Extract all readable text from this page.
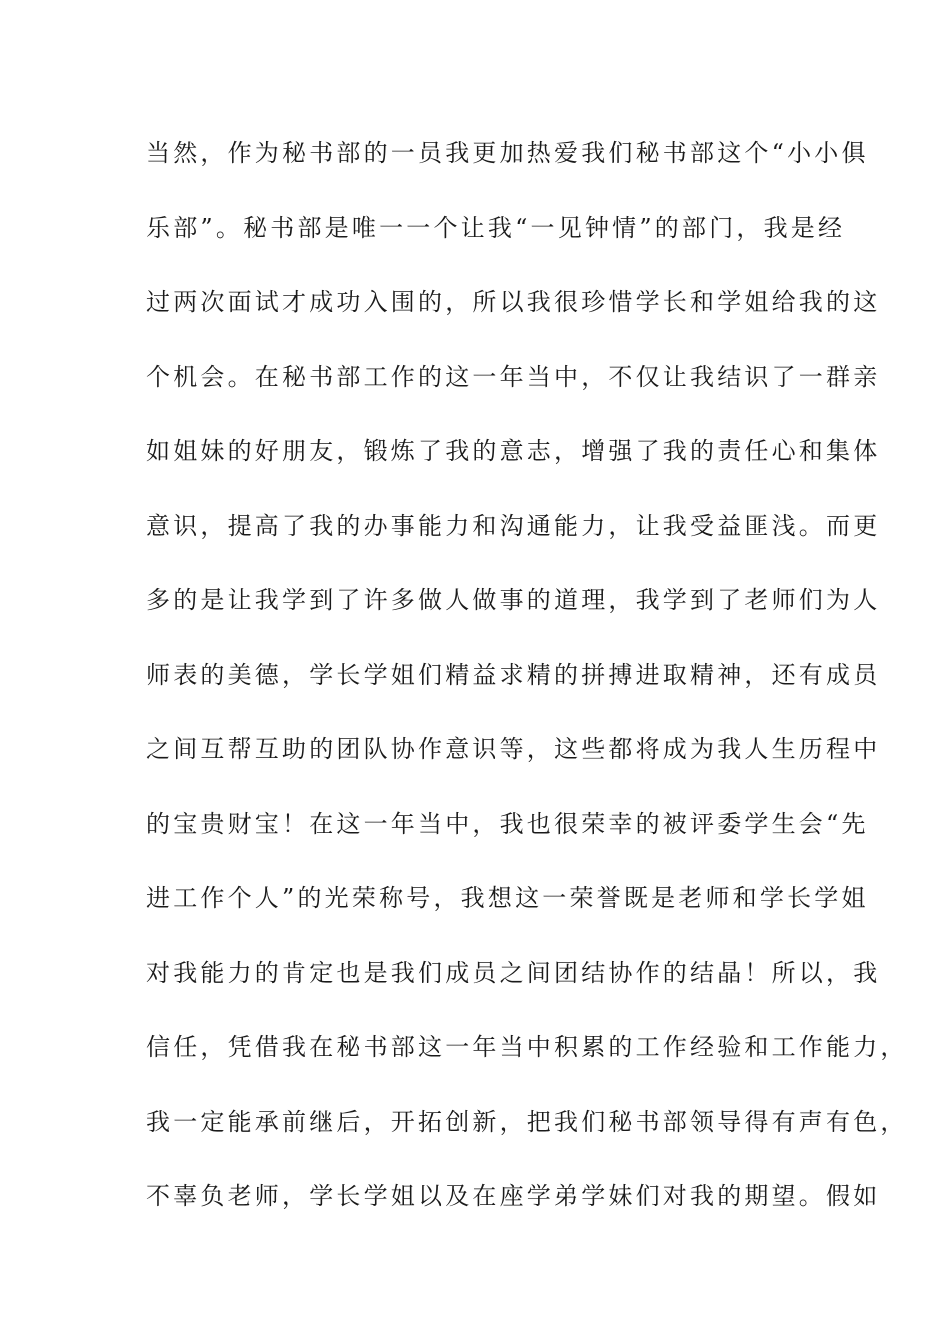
当然，作为秘书部的一员我更加热爱我们秘书部这个“小小俱
乐部”。秘书部是唯一一个让我“一见钟情”的部门，我是经
过两次面试才成功入围的，所以我很珍惜学长和学姐给我的这
个机会。在秘书部工作的这一年当中，不仅让我结识了一群亲
如姐妹的好朋友，锻炼了我的意志，增强了我的责任心和集体
意识，提高了我的办事能力和沟通能力，让我受益匪浅。而更
多的是让我学到了许多做人做事的道理，我学到了老师们为人
师表的美德，学长学姐们精益求精的拼搏进取精神，还有成员
之间互帮互助的团队协作意识等，这些都将成为我人生历程中
的宝贵财宝！在这一年当中，我也很荣幸的被评委学生会“先
进工作个人”的光荣称号，我想这一荣誉既是老师和学长学姐
对我能力的肯定也是我们成员之间团结协作的结晶！所以，我
信任，凭借我在秘书部这一年当中积累的工作经验和工作能力，
我一定能承前继后，开拓创新，把我们秘书部领导得有声有色，
不辜负老师，学长学姐以及在座学弟学妹们对我的期望。假如
